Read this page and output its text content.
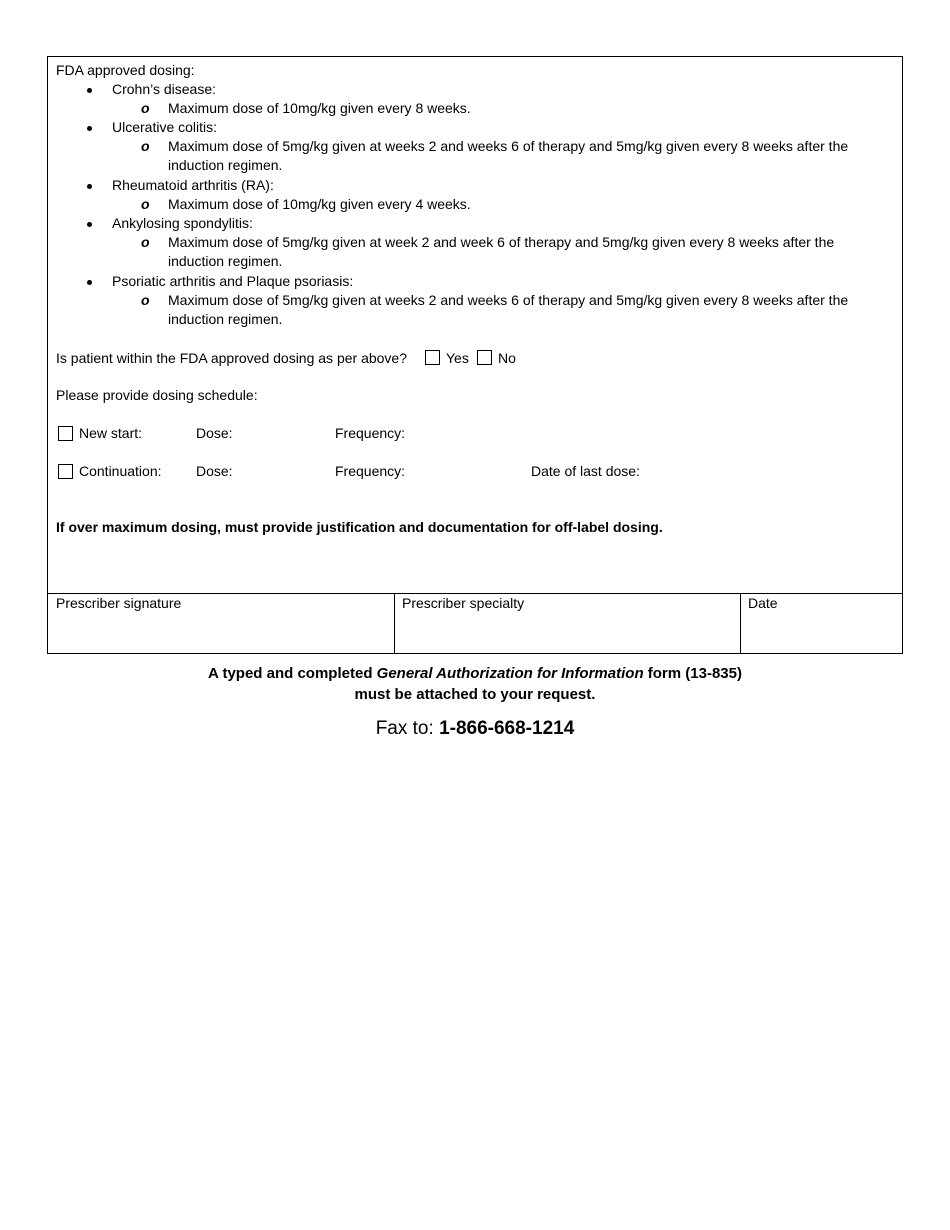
FDA approved dosing:
Crohn’s disease:
o Maximum dose of 10mg/kg given every 8 weeks.
Ulcerative colitis:
o Maximum dose of 5mg/kg given at weeks 2 and weeks 6 of therapy and 5mg/kg given every 8 weeks after the
induction regimen.
Rheumatoid arthritis (RA):
o Maximum dose of 10mg/kg given every 4 weeks.
Ankylosing spondylitis:
o Maximum dose of 5mg/kg given at week 2 and week 6 of therapy and 5mg/kg given every 8 weeks after the
induction regimen.
Psoriatic arthritis and Plaque psoriasis:
o Maximum dose of 5mg/kg given at weeks 2 and weeks 6 of therapy and 5mg/kg given every 8 weeks after the
induction regimen.
Is patient within the FDA approved dosing as per above?	Yes No
Please provide dosing schedule:
New start:	Dose:	Frequency:
Continuation: Dose:	Frequency:	Date of last dose:
If over maximum dosing, must provide justification and documentation for off-label dosing.
Prescriber signature	Prescriber specialty	Date
A typed and completed General Authorization for Information form (13-835)
must be attached to your request.
Fax to: 1-866-668-1214
